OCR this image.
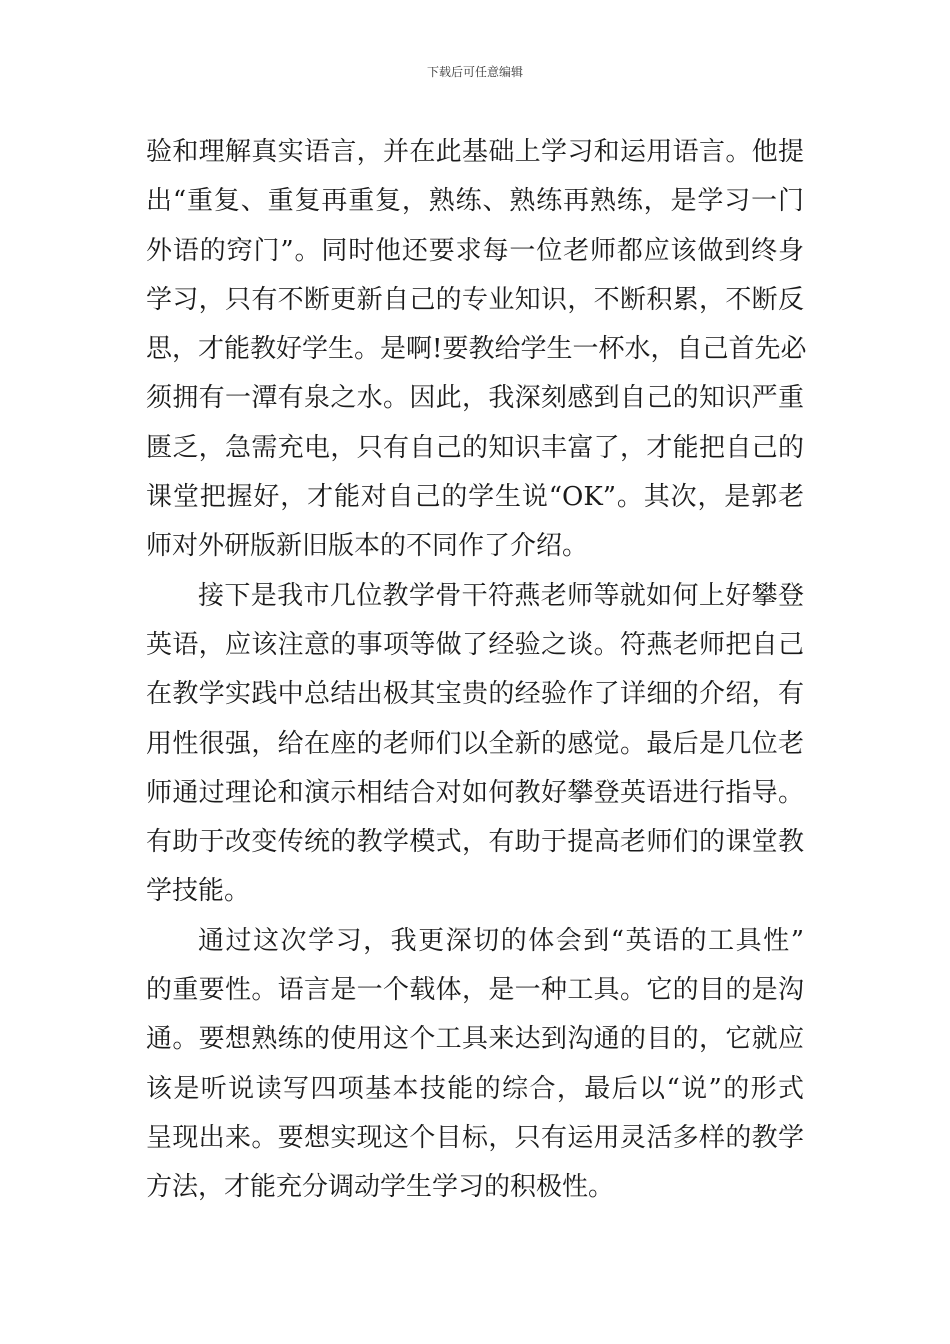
下载后可任意编辑
验和理解真实语言，并在此基础上学习和运用语言。他提
出“重复、重复再重复，熟练、熟练再熟练，是学习一门
外语的窍门”。同时他还要求每一位老师都应该做到终身
学习，只有不断更新自己的专业知识，不断积累，不断反
思，才能教好学生。是啊!要教给学生一杯水，自己首先必
须拥有一潭有泉之水。因此，我深刻感到自己的知识严重
匮乏，急需充电，只有自己的知识丰富了，才能把自己的
课堂把握好，才能对自己的学生说“OK”。其次，是郭老
师对外研版新旧版本的不同作了介绍。
接下是我市几位教学骨干符燕老师等就如何上好攀登
英语，应该注意的事项等做了经验之谈。符燕老师把自己
在教学实践中总结出极其宝贵的经验作了详细的介绍，有
用性很强，给在座的老师们以全新的感觉。最后是几位老
师通过理论和演示相结合对如何教好攀登英语进行指导。
有助于改变传统的教学模式，有助于提高老师们的课堂教
学技能。
通过这次学习，我更深切的体会到“英语的工具性”
的重要性。语言是一个载体，是一种工具。它的目的是沟
通。要想熟练的使用这个工具来达到沟通的目的，它就应
该是听说读写四项基本技能的综合，最后以“说”的形式
呈现出来。要想实现这个目标，只有运用灵活多样的教学
方法，才能充分调动学生学习的积极性。
